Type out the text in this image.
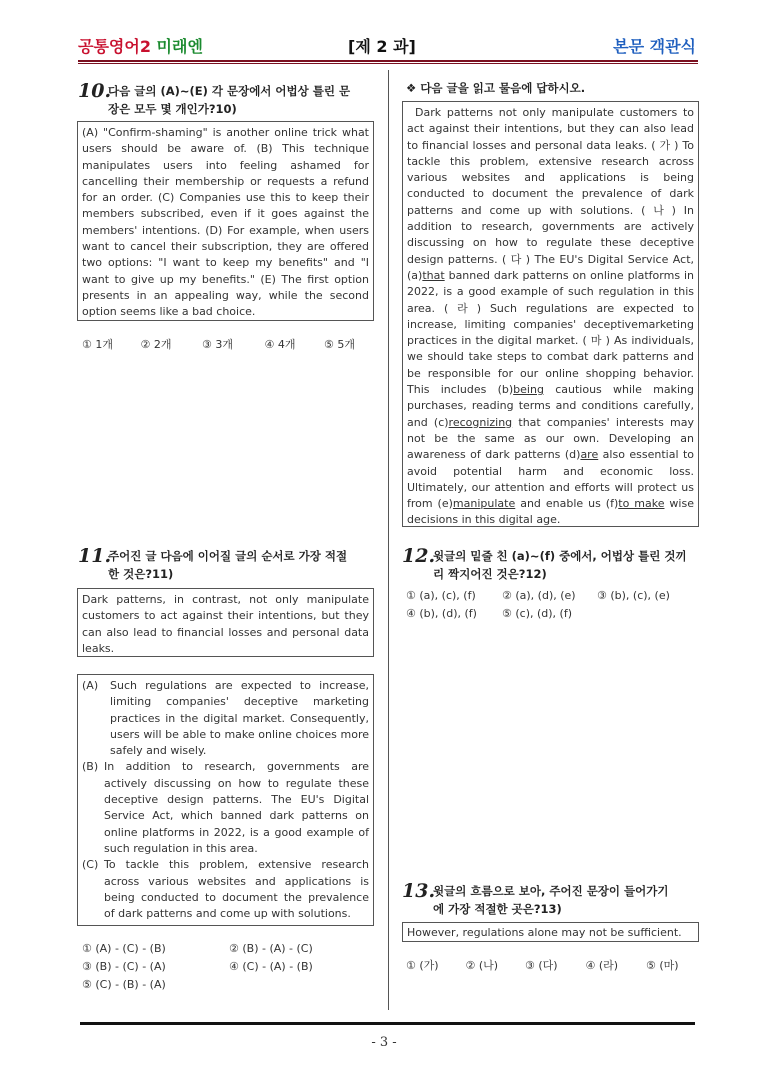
공통영어2 미래엔	[제 2 과]	본문 객관식
10.
다음 글의 (A)~(E) 각 문장에서 어법상 틀린 문
장은 모두 몇 개인가?10)
(A) "Confirm-shaming" is another online trick what users should be aware of. (B) This technique manipulates users into feeling ashamed for cancelling their membership or requests a refund for an order. (C) Companies use this to keep their members subscribed, even if it goes against the members' intentions. (D) For example, when users want to cancel their subscription, they are offered two options: "I want to keep my benefits" and "I want to give up my benefits." (E) The first option presents in an appealing way, while the second option seems like a bad choice.
① 1개	② 2개	③ 3개	④ 4개	⑤ 5개
❖ 다음 글을 읽고 물음에 답하시오.
Dark patterns not only manipulate customers to act against their intentions, but they can also lead to financial losses and personal data leaks. ( 가 ) To tackle this problem, extensive research across various websites and applications is being conducted to document the prevalence of dark patterns and come up with solutions. ( 나 ) In addition to research, governments are actively discussing on how to regulate these deceptive design patterns. ( 다 ) The EU's Digital Service Act, (a)that banned dark patterns on online platforms in 2022, is a good example of such regulation in this area. ( 라 ) Such regulations are expected to increase, limiting companies' deceptivemarketing practices in the digital market. ( 마 ) As individuals, we should take steps to combat dark patterns and be responsible for our online shopping behavior. This includes (b)being cautious while making purchases, reading terms and conditions carefully, and (c)recognizing that companies' interests may not be the same as our own. Developing an awareness of dark patterns (d)are also essential to avoid potential harm and economic loss. Ultimately, our attention and efforts will protect us from (e)manipulate and enable us (f)to make wise decisions in this digital age.
11.
주어진 글 다음에 이어질 글의 순서로 가장 적절
한 것은?11)
Dark patterns, in contrast, not only manipulate customers to act against their intentions, but they can also lead to financial losses and personal data leaks.
(A)	Such regulations are expected to increase, limiting companies' deceptive marketing practices in the digital market. Consequently, users will be able to make online choices more safely and wisely.
(B) In addition to research, governments are actively discussing on how to regulate these deceptive design patterns. The EU's Digital Service Act, which banned dark patterns on online platforms in 2022, is a good example of such regulation in this area.
(C) To tackle this problem, extensive research across various websites and applications is being conducted to document the prevalence of dark patterns and come up with solutions.
① (A) - (C) - (B)	② (B) - (A) - (C)
③ (B) - (C) - (A)	④ (C) - (A) - (B)
⑤ (C) - (B) - (A)
12.
윗글의 밑줄 친 (a)~(f) 중에서, 어법상 틀린 것끼
리 짝지어진 것은?12)
① (a), (c), (f) ② (a), (d), (e) ③ (b), (c), (e)
④ (b), (d), (f) ⑤ (c), (d), (f)
13.
윗글의 흐름으로 보아, 주어진 문장이 들어가기
에 가장 적절한 곳은?13)
However, regulations alone may not be sufficient.
① (가) ② (나) ③ (다)	④ (라)	⑤ (마)
- 3 -
